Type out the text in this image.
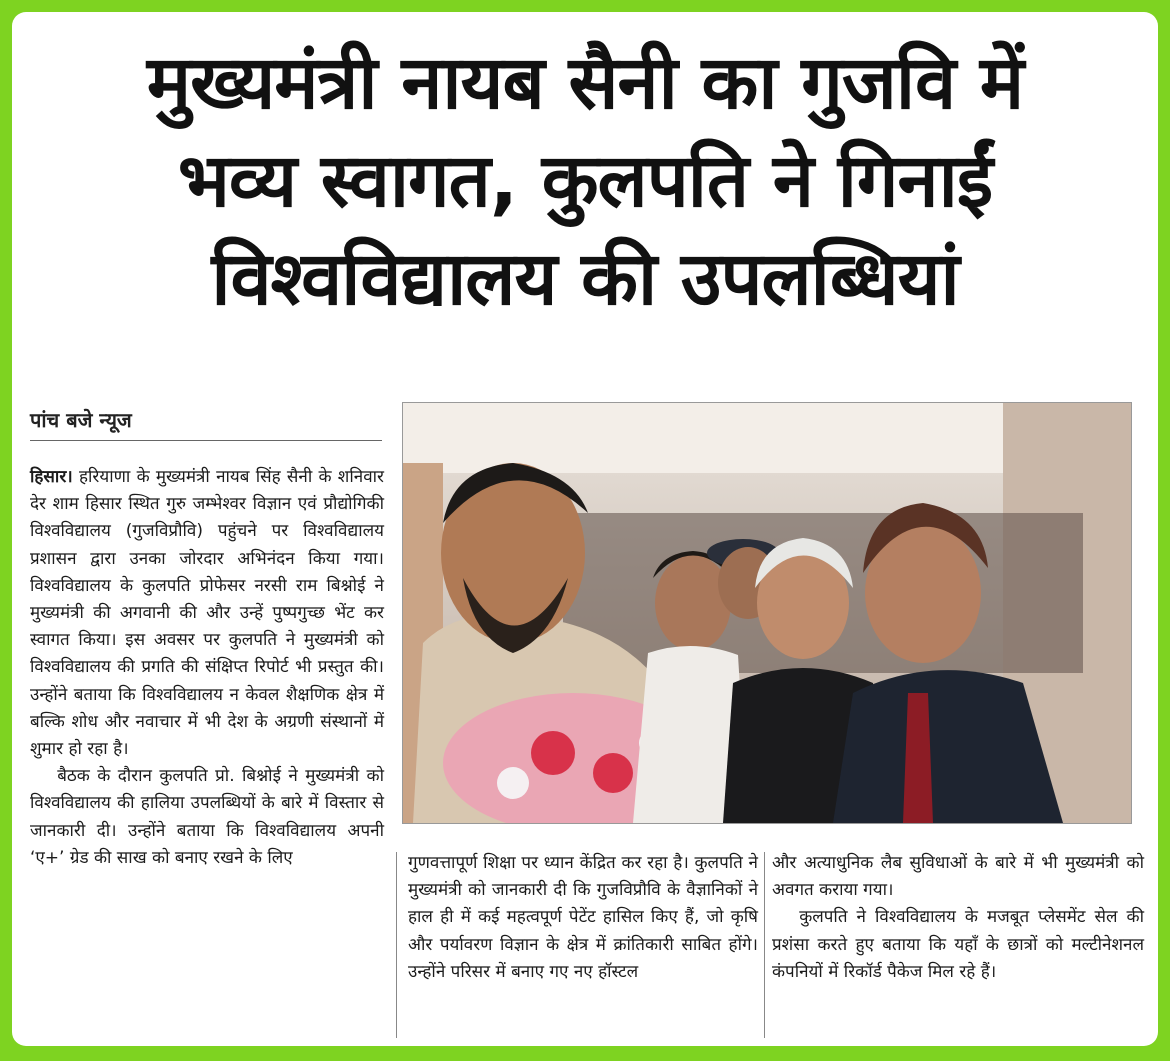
मुख्यमंत्री नायब सैनी का गुजवि में
भव्य स्वागत, कुलपति ने गिनाईं
विश्वविद्यालय की उपलब्धियां
पांच बजे न्यूज

हिसार। हरियाणा के मुख्यमंत्री नायब सिंह सैनी के शनिवार देर शाम हिसार स्थित गुरु जम्भेश्वर विज्ञान एवं प्रौद्योगिकी विश्वविद्यालय (गुजविप्रौवि) पहुंचने पर विश्वविद्यालय प्रशासन द्वारा उनका जोरदार अभिनंदन किया गया। विश्वविद्यालय के कुलपति प्रोफेसर नरसी राम बिश्नोई ने मुख्यमंत्री की अगवानी की और उन्हें पुष्पगुच्छ भेंट कर स्वागत किया। इस अवसर पर कुलपति ने मुख्यमंत्री को विश्वविद्यालय की प्रगति की संक्षिप्त रिपोर्ट भी प्रस्तुत की। उन्होंने बताया कि विश्वविद्यालय न केवल शैक्षणिक क्षेत्र में बल्कि शोध और नवाचार में भी देश के अग्रणी संस्थानों में शुमार हो रहा है।

बैठक के दौरान कुलपति प्रो. बिश्नोई ने मुख्यमंत्री को विश्वविद्यालय की हालिया उपलब्धियों के बारे में विस्तार से जानकारी दी। उन्होंने बताया कि विश्वविद्यालय अपनी ‘ए+’ ग्रेड की साख को बनाए रखने के लिए	गुणवत्तापूर्ण शिक्षा पर ध्यान केंद्रित कर रहा है। कुलपति ने मुख्यमंत्री को जानकारी दी कि गुजविप्रौवि के वैज्ञानिकों ने हाल ही में कई महत्वपूर्ण पेटेंट हासिल किए हैं, जो कृषि और पर्यावरण विज्ञान के क्षेत्र में क्रांतिकारी साबित होंगे।उन्होंने परिसर में बनाए गए नए हॉस्टल

और अत्याधुनिक लैब सुविधाओं के बारे में भी मुख्यमंत्री को अवगत कराया गया।

कुलपति ने विश्वविद्यालय के मजबूत प्लेसमेंट सेल की प्रशंसा करते हुए बताया कि यहाँ के छात्रों को मल्टीनेशनल कंपनियों में रिकॉर्ड पैकेज मिल रहे हैं।
